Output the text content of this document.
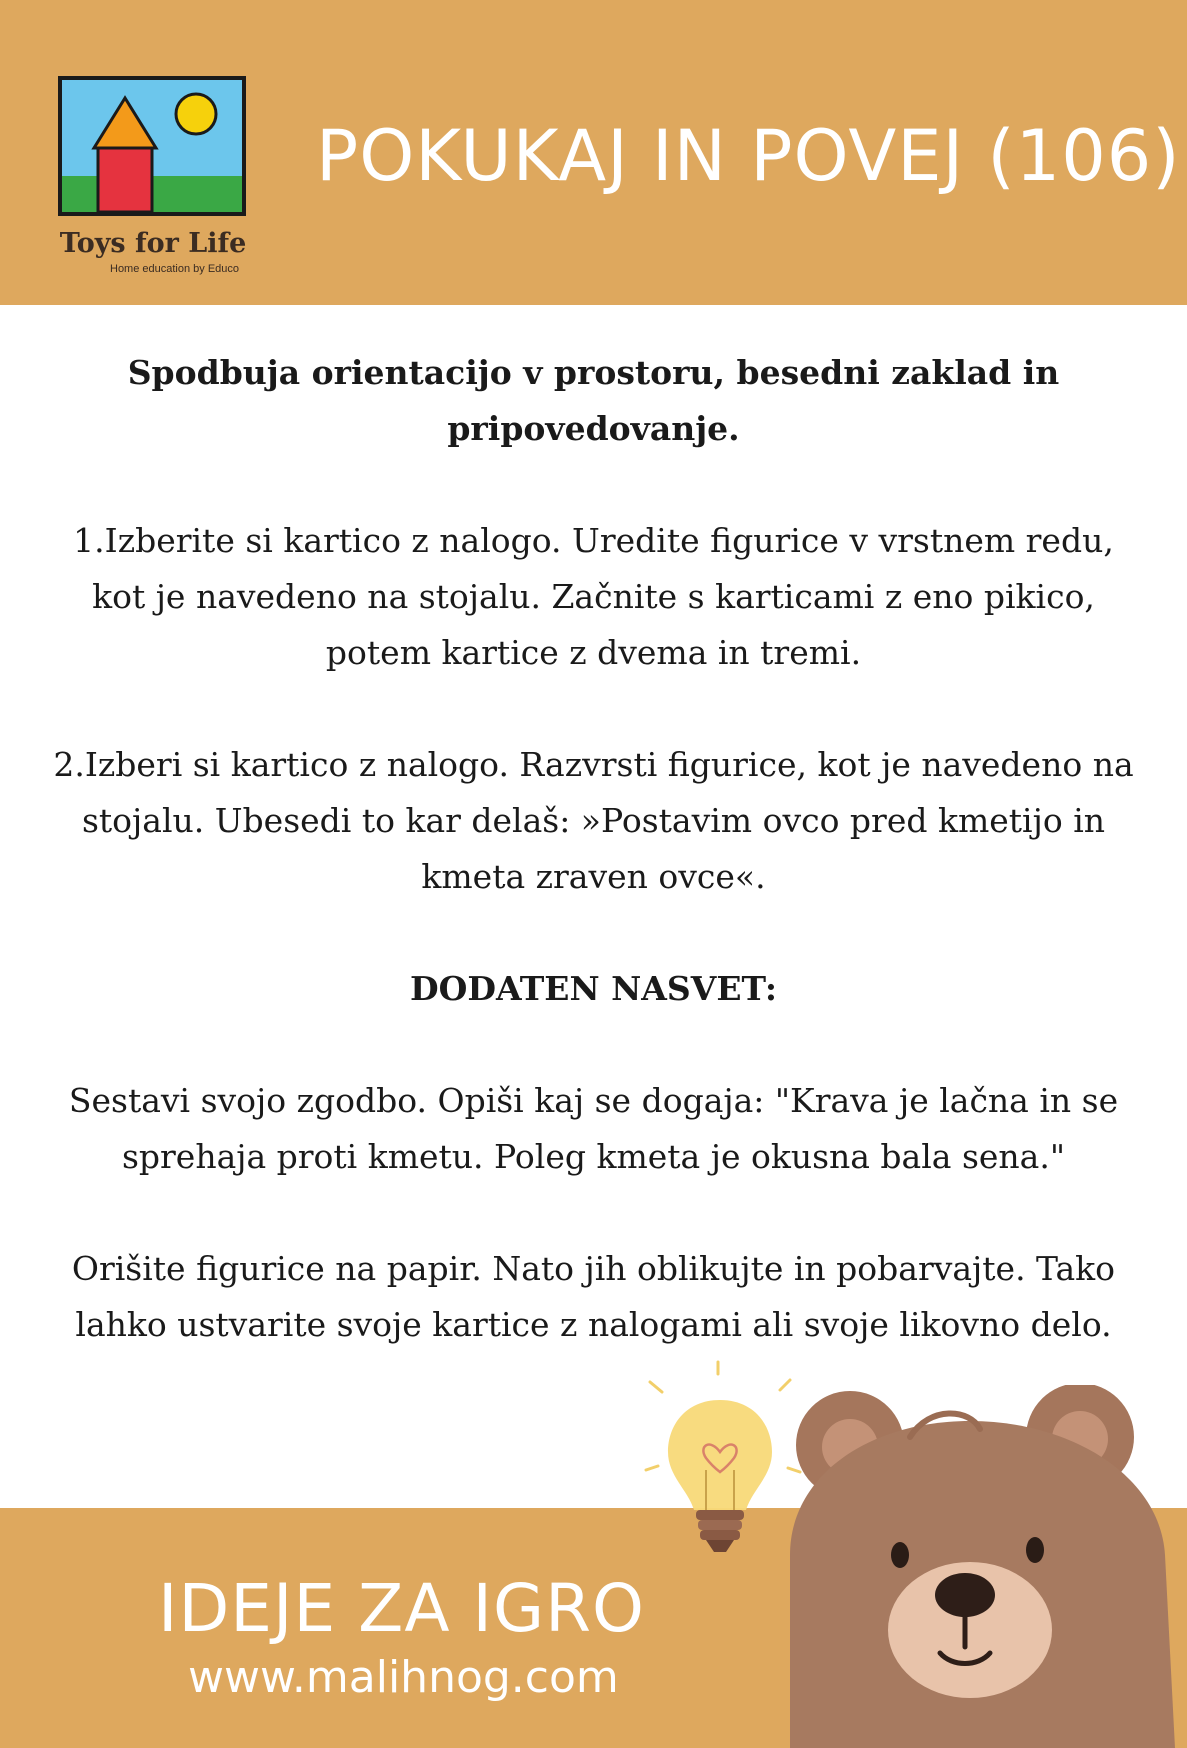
Toys for Life
Home education by Educo
POKUKAJ IN POVEJ (106)

Spodbuja orientacijo v prostoru, besedni zaklad in pripovedovanje.

1.Izberite si kartico z nalogo. Uredite figurice v vrstnem redu, kot je navedeno na stojalu. Začnite s karticami z eno pikico, potem kartice z dvema in tremi.

2.Izberi si kartico z nalogo. Razvrsti figurice, kot je navedeno na stojalu. Ubesedi to kar delaš: »Postavim ovco pred kmetijo in kmeta zraven ovce«.

DODATEN NASVET:

Sestavi svojo zgodbo. Opiši kaj se dogaja: "Krava je lačna in se sprehaja proti kmetu. Poleg kmeta je okusna bala sena."

Orišite figurice na papir. Nato jih oblikujte in pobarvajte. Tako lahko ustvarite svoje kartice z nalogami ali svoje likovno delo.

IDEJE ZA IGRO
www.malihnog.com
